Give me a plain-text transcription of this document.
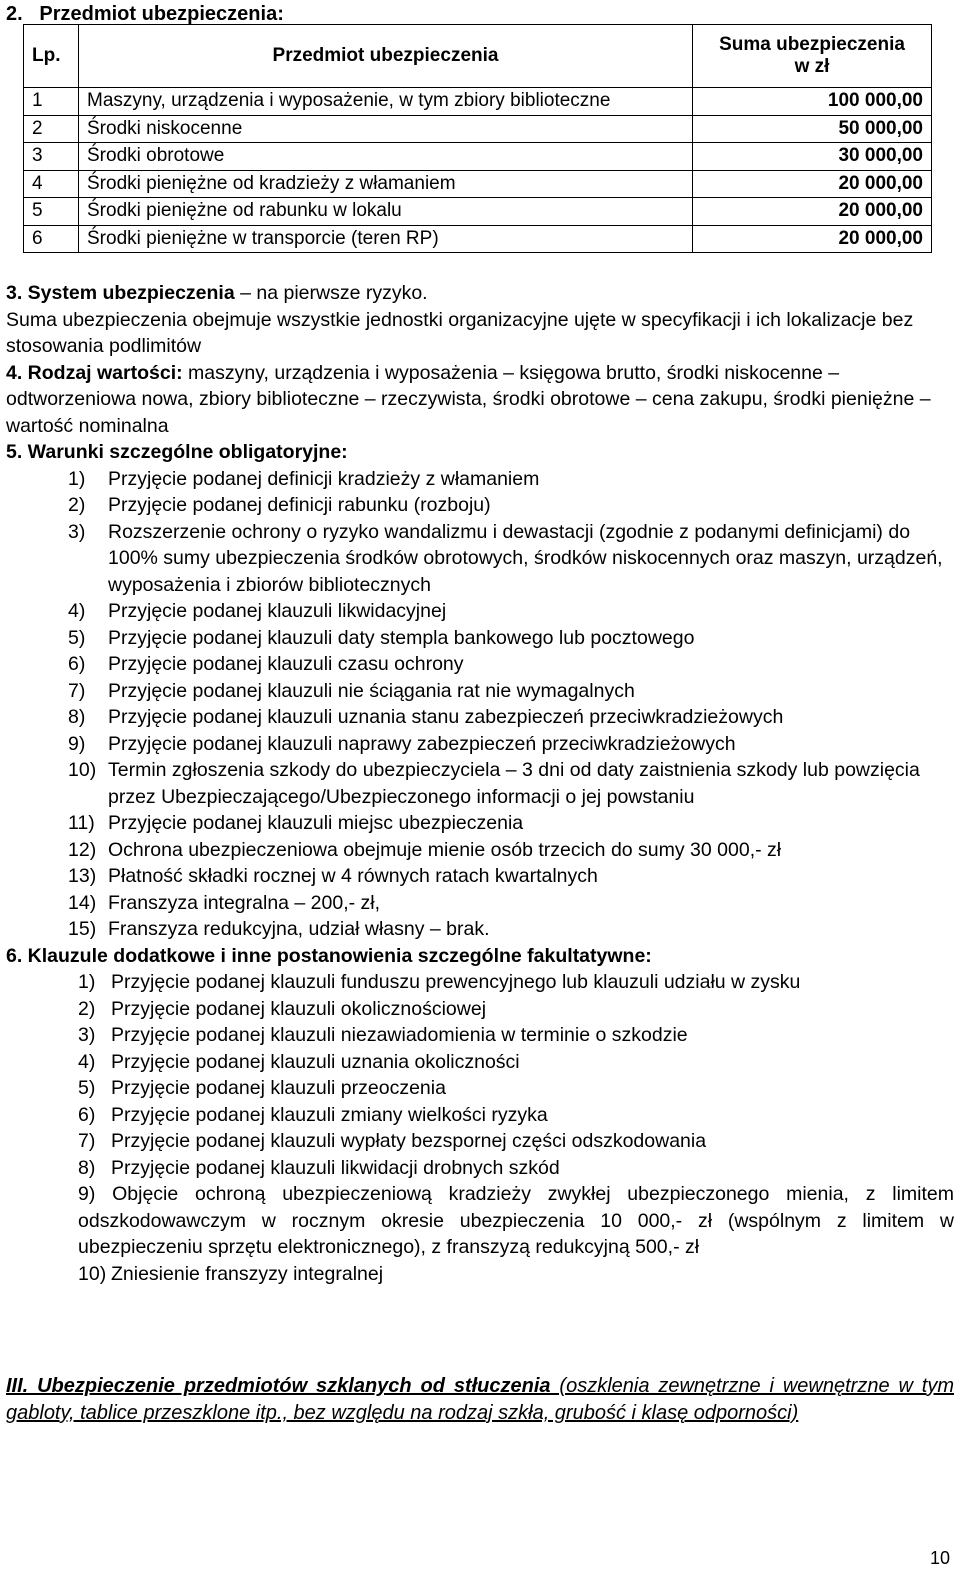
2. Przedmiot ubezpieczenia:
Lp.	Przedmiot ubezpieczenia	Suma ubezpieczenia
w zł
1	Maszyny, urządzenia i wyposażenie, w tym zbiory biblioteczne	100 000,00
2	Środki niskocenne	50 000,00
3	Środki obrotowe	30 000,00
4	Środki pieniężne od kradzieży z włamaniem	20 000,00
5	Środki pieniężne od rabunku w lokalu	20 000,00
6	Środki pieniężne w transporcie (teren RP)	20 000,00

3. System ubezpieczenia – na pierwsze ryzyko.

Suma ubezpieczenia obejmuje wszystkie jednostki organizacyjne ujęte w specyfikacji i ich lokalizacje bez stosowania podlimitów

4. Rodzaj wartości: maszyny, urządzenia i wyposażenia – księgowa brutto, środki niskocenne – odtworzeniowa nowa, zbiory biblioteczne – rzeczywista, środki obrotowe – cena zakupu, środki pieniężne – wartość nominalna

5. Warunki szczególne obligatoryjne:

1) Przyjęcie podanej definicji kradzieży z włamaniem
2) Przyjęcie podanej definicji rabunku (rozboju)
3) Rozszerzenie ochrony o ryzyko wandalizmu i dewastacji (zgodnie z podanymi definicjami) do 100% sumy ubezpieczenia środków obrotowych, środków niskocennych oraz maszyn, urządzeń, wyposażenia i zbiorów bibliotecznych
4) Przyjęcie podanej klauzuli likwidacyjnej
5) Przyjęcie podanej klauzuli daty stempla bankowego lub pocztowego
6) Przyjęcie podanej klauzuli czasu ochrony
7) Przyjęcie podanej klauzuli nie ściągania rat nie wymagalnych
8) Przyjęcie podanej klauzuli uznania stanu zabezpieczeń przeciwkradzieżowych
9) Przyjęcie podanej klauzuli naprawy zabezpieczeń przeciwkradzieżowych
10) Termin zgłoszenia szkody do ubezpieczyciela – 3 dni od daty zaistnienia szkody lub powzięcia przez Ubezpieczającego/Ubezpieczonego informacji o jej powstaniu
11) Przyjęcie podanej klauzuli miejsc ubezpieczenia
12) Ochrona ubezpieczeniowa obejmuje mienie osób trzecich do sumy 30 000,- zł
13) Płatność składki rocznej w 4 równych ratach kwartalnych
14) Franszyza integralna – 200,- zł,
15) Franszyza redukcyjna, udział własny – brak.

6. Klauzule dodatkowe i inne postanowienia szczególne fakultatywne:

1) Przyjęcie podanej klauzuli funduszu prewencyjnego lub klauzuli udziału w zysku
2) Przyjęcie podanej klauzuli okolicznościowej
3) Przyjęcie podanej klauzuli niezawiadomienia w terminie o szkodzie
4) Przyjęcie podanej klauzuli uznania okoliczności
5) Przyjęcie podanej klauzuli przeoczenia
6) Przyjęcie podanej klauzuli zmiany wielkości ryzyka
7) Przyjęcie podanej klauzuli wypłaty bezspornej części odszkodowania
8) Przyjęcie podanej klauzuli likwidacji drobnych szkód
9) Objęcie ochroną ubezpieczeniową kradzieży zwykłej ubezpieczonego mienia, z limitem odszkodowawczym w rocznym okresie ubezpieczenia 10 000,- zł (wspólnym z limitem w ubezpieczeniu sprzętu elektronicznego), z franszyzą redukcyjną 500,- zł
10) Zniesienie franszyzy integralnej
III. Ubezpieczenie przedmiotów szklanych od stłuczenia (oszklenia zewnętrzne i wewnętrzne w tym gabloty, tablice przeszklone itp., bez względu na rodzaj szkła, grubość i klasę odporności)
10
